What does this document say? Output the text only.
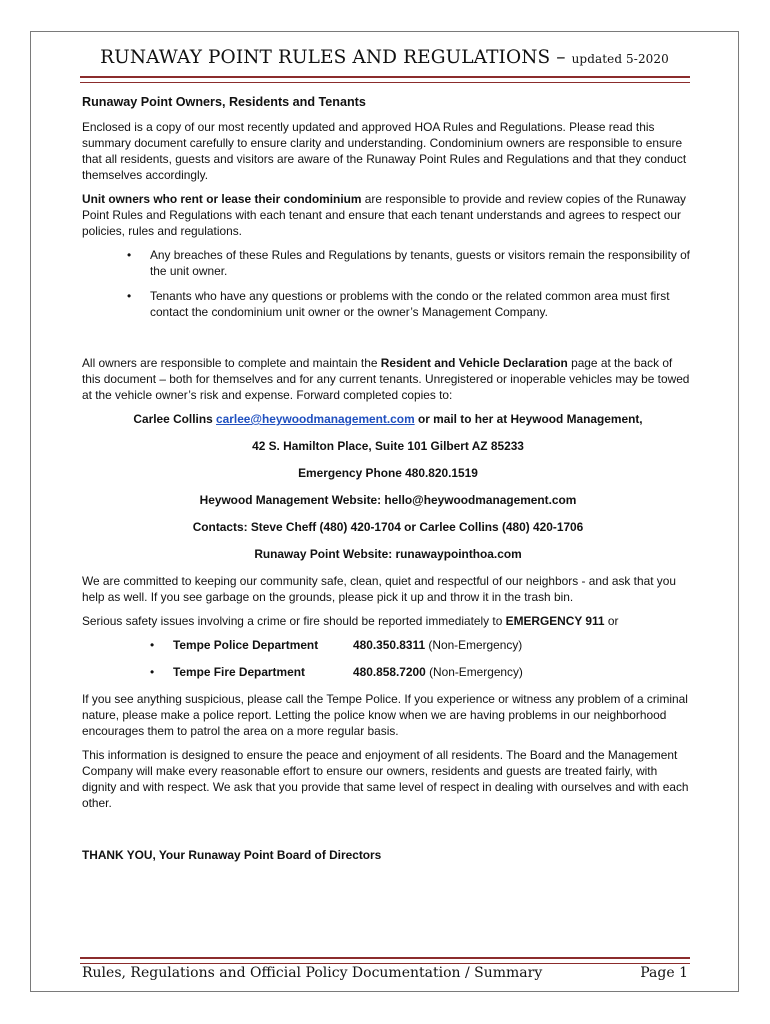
RUNAWAY POINT RULES AND REGULATIONS – updated 5-2020

Runaway Point Owners, Residents and Tenants

Enclosed is a copy of our most recently updated and approved HOA Rules and Regulations. Please read this summary document carefully to ensure clarity and understanding. Condominium owners are responsible to ensure that all residents, guests and visitors are aware of the Runaway Point Rules and Regulations and that they conduct themselves accordingly.

Unit owners who rent or lease their condominium are responsible to provide and review copies of the Runaway Point Rules and Regulations with each tenant and ensure that each tenant understands and agrees to respect our policies, rules and regulations.

• Any breaches of these Rules and Regulations by tenants, guests or visitors remain the responsibility of the unit owner.
• Tenants who have any questions or problems with the condo or the related common area must first contact the condominium unit owner or the owner’s Management Company.

All owners are responsible to complete and maintain the Resident and Vehicle Declaration page at the back of this document – both for themselves and for any current tenants. Unregistered or inoperable vehicles may be towed at the vehicle owner’s risk and expense. Forward completed copies to:

Carlee Collins carlee@heywoodmanagement.com or mail to her at Heywood Management,

42 S. Hamilton Place, Suite 101 Gilbert AZ 85233

Emergency Phone 480.820.1519

Heywood Management Website: hello@heywoodmanagement.com

Contacts: Steve Cheff (480) 420-1704 or Carlee Collins (480) 420-1706

Runaway Point Website: runawaypointhoa.com

We are committed to keeping our community safe, clean, quiet and respectful of our neighbors - and ask that you help as well. If you see garbage on the grounds, please pick it up and throw it in the trash bin.

Serious safety issues involving a crime or fire should be reported immediately to EMERGENCY 911 or

• Tempe Police Department	480.350.8311 (Non-Emergency)
• Tempe Fire Department	480.858.7200 (Non-Emergency)

If you see anything suspicious, please call the Tempe Police. If you experience or witness any problem of a criminal nature, please make a police report. Letting the police know when we are having problems in our neighborhood encourages them to patrol the area on a more regular basis.

This information is designed to ensure the peace and enjoyment of all residents. The Board and the Management Company will make every reasonable effort to ensure our owners, residents and guests are treated fairly, with dignity and with respect. We ask that you provide that same level of respect in dealing with ourselves and with each other.

THANK YOU, Your Runaway Point Board of Directors

Rules, Regulations and Official Policy Documentation / Summary	Page 1
